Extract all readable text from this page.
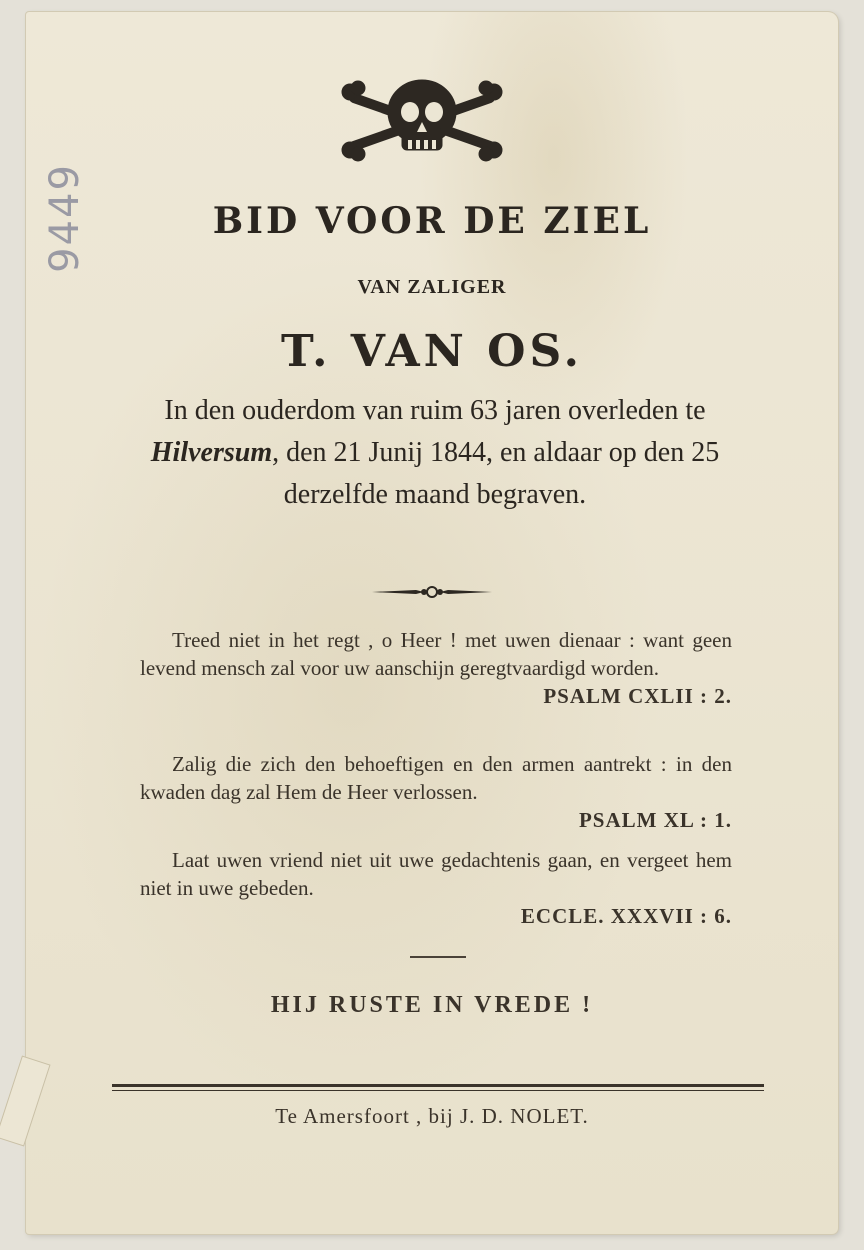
9449	BID VOOR DE ZIEL
VAN ZALIGER
T. VAN OS.
In den ouderdom van ruim 63 jaren overleden te Hilversum, den 21 Junij 1844, en aldaar op den 25 derzelfde maand begraven.
Treed niet in het regt , o Heer ! met uwen dienaar : want geen levend mensch zal voor uw aanschijn geregtvaardigd worden.
PSALM CXLII : 2.
Zalig die zich den behoeftigen en den armen aantrekt : in den kwaden dag zal Hem de Heer verlossen.
PSALM XL : 1.
Laat uwen vriend niet uit uwe gedachtenis gaan, en vergeet hem niet in uwe gebeden.
ECCLE. XXXVII : 6.
HIJ RUSTE IN VREDE !
Te Amersfoort , bij J. D. NOLET.
